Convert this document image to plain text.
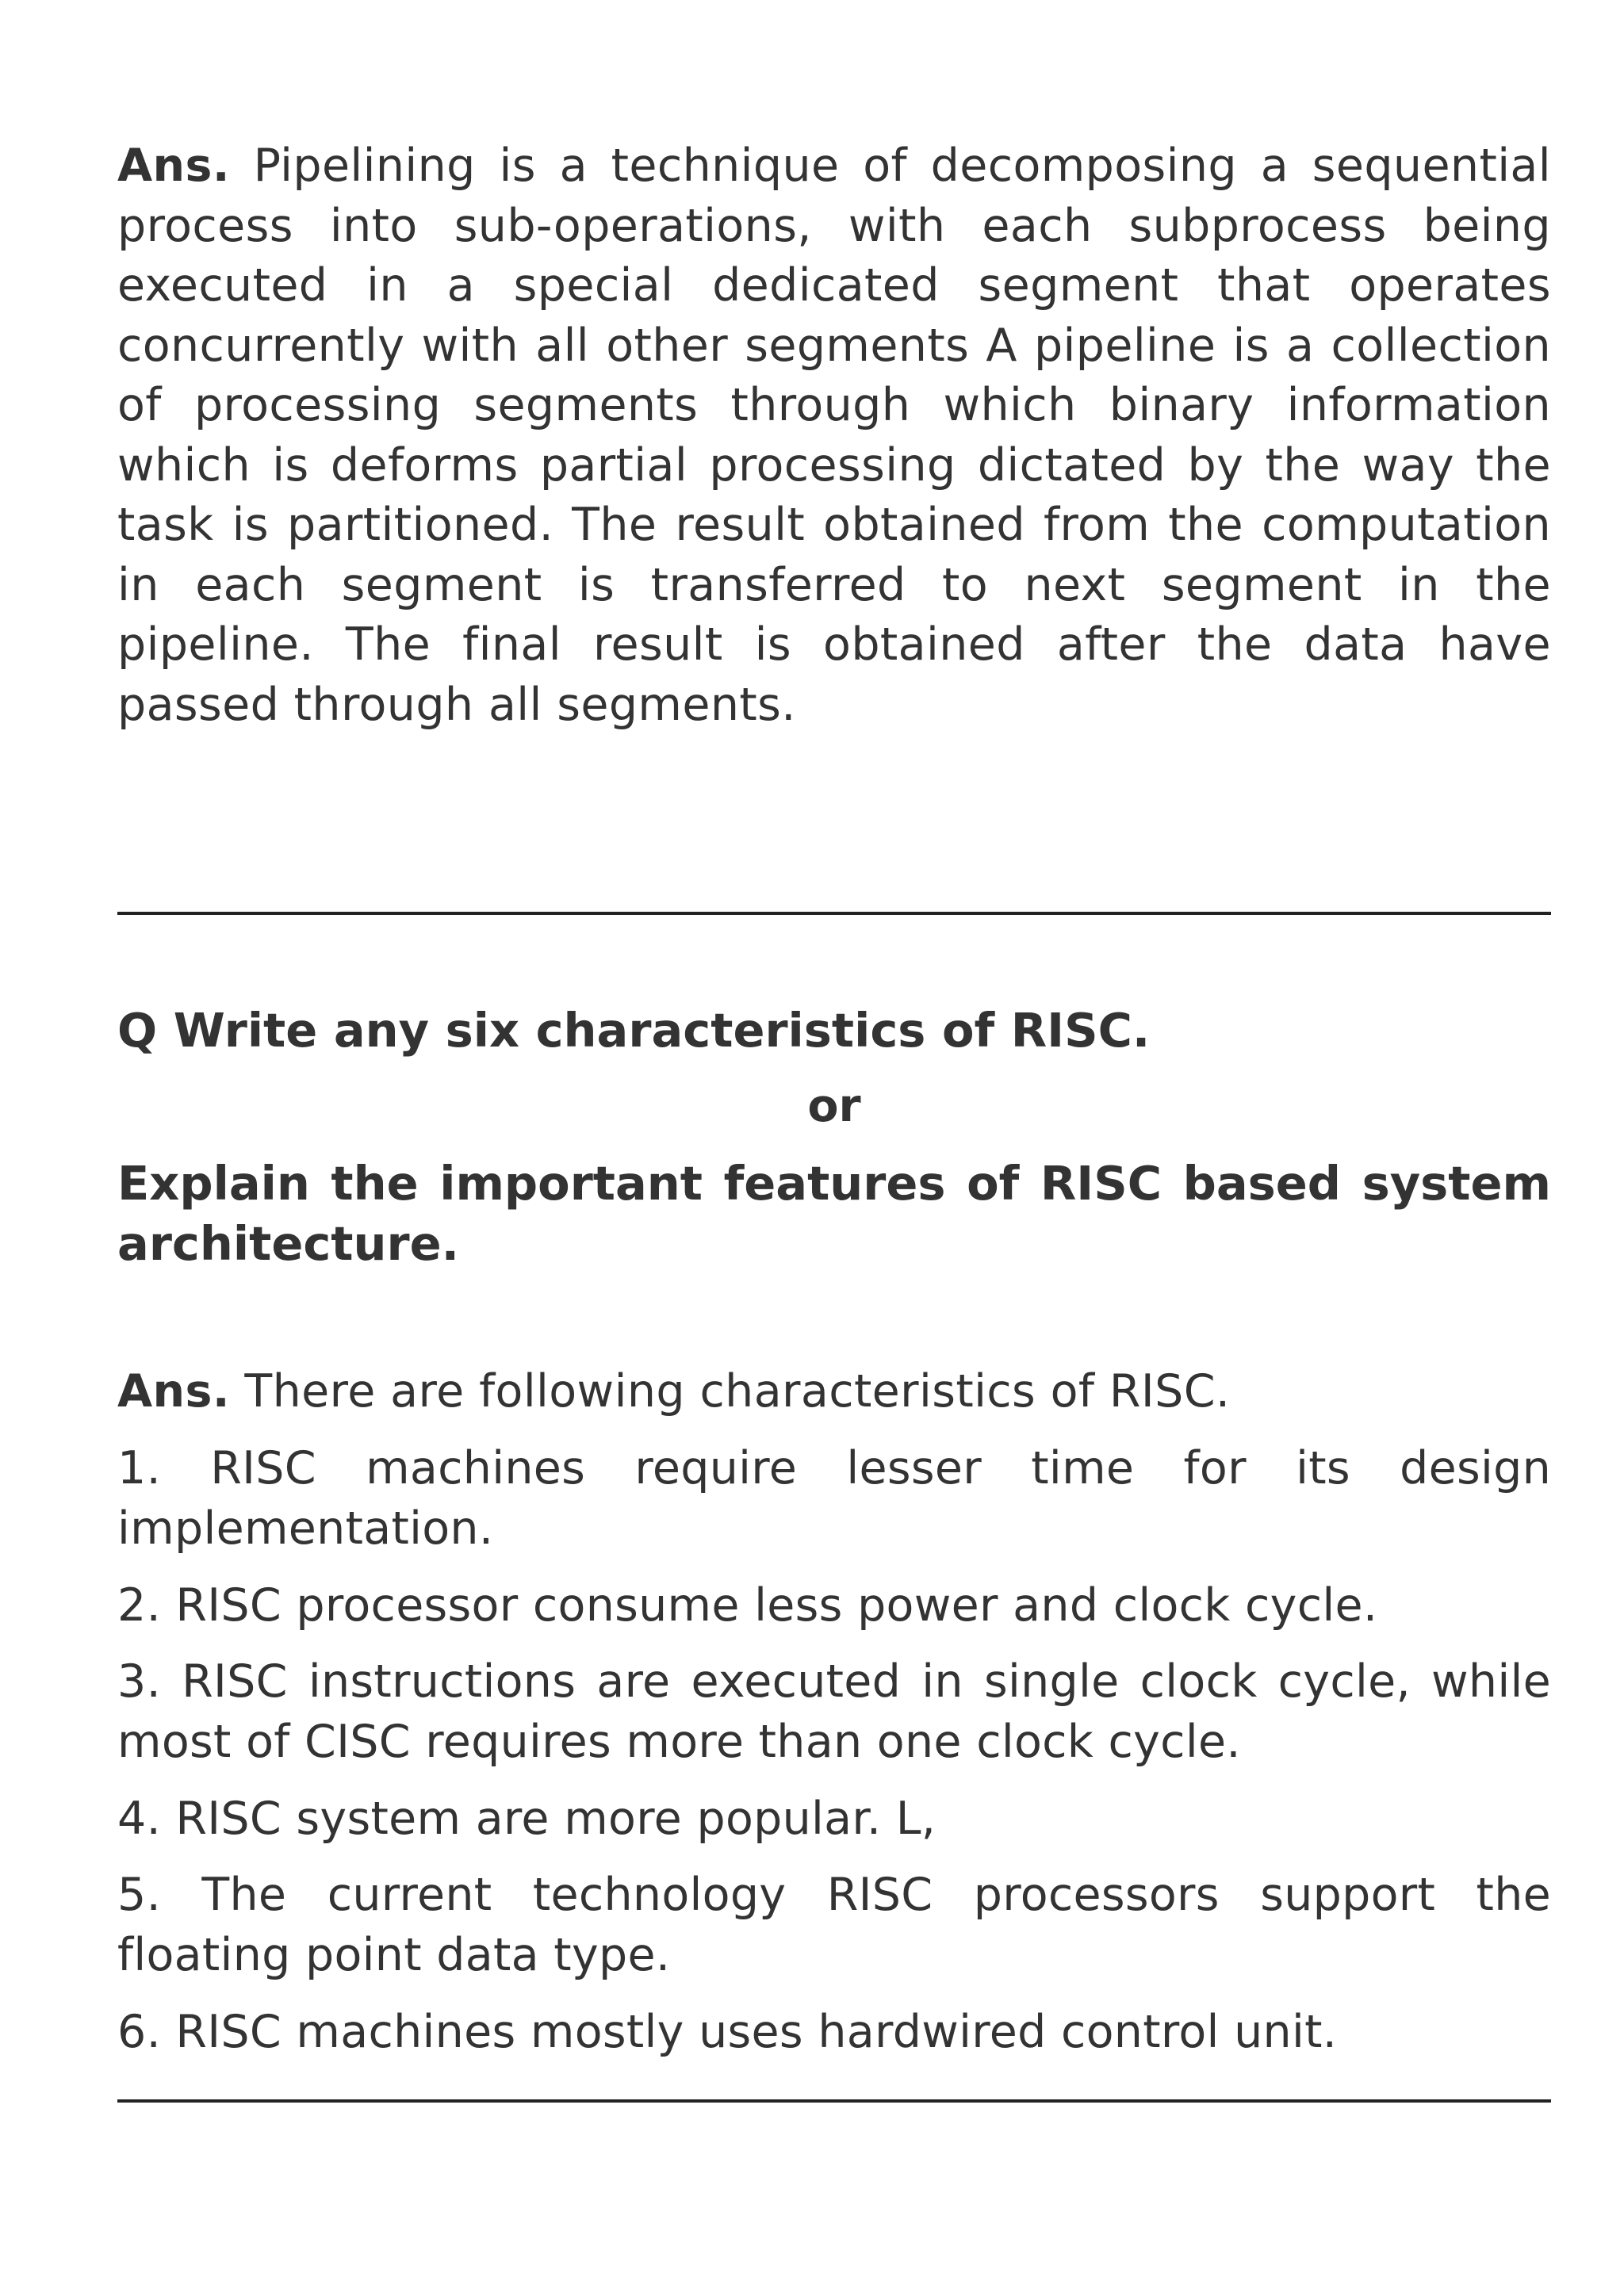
Ans. Pipelining is a technique of decomposing a sequential process into sub-operations, with each subprocess being executed in a special dedicated segment that operates concurrently with all other segments A pipeline is a collection of processing segments through which binary information which is deforms partial processing dictated by the way the task is partitioned. The result obtained from the computation in each segment is transferred to next segment in the pipeline. The final result is obtained after the data have passed through all segments.

Q Write any six characteristics of RISC.

or

Explain the important features of RISC based system architecture.

Ans. There are following characteristics of RISC.

1. RISC machines require lesser time for its design implementation.

2. RISC processor consume less power and clock cycle.

3. RISC instructions are executed in single clock cycle, while most of CISC requires more than one clock cycle.

4. RISC system are more popular. L,

5. The current technology RISC processors support the floating point data type.

6. RISC machines mostly uses hardwired control unit.
